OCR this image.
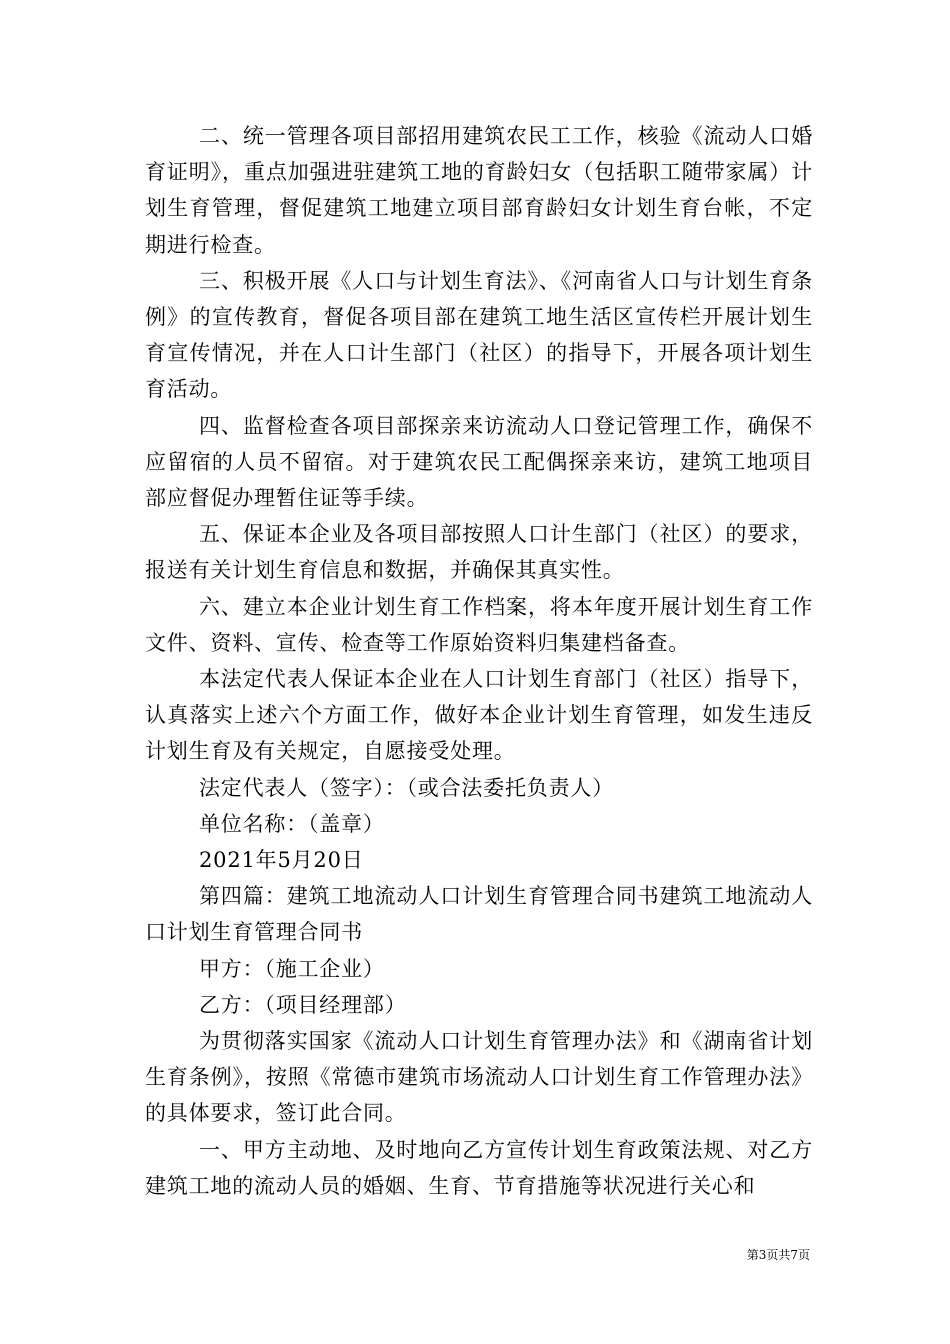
二、统一管理各项目部招用建筑农民工工作，核验《流动人口婚育证明》，重点加强进驻建筑工地的育龄妇女（包括职工随带家属）计划生育管理，督促建筑工地建立项目部育龄妇女计划生育台帐，不定期进行检查。

三、积极开展《人口与计划生育法》、《河南省人口与计划生育条例》的宣传教育，督促各项目部在建筑工地生活区宣传栏开展计划生育宣传情况，并在人口计生部门（社区）的指导下，开展各项计划生育活动。

四、监督检查各项目部探亲来访流动人口登记管理工作，确保不应留宿的人员不留宿。对于建筑农民工配偶探亲来访，建筑工地项目部应督促办理暂住证等手续。

五、保证本企业及各项目部按照人口计生部门（社区）的要求，报送有关计划生育信息和数据，并确保其真实性。

六、建立本企业计划生育工作档案，将本年度开展计划生育工作文件、资料、宣传、检查等工作原始资料归集建档备查。

本法定代表人保证本企业在人口计划生育部门（社区）指导下，认真落实上述六个方面工作，做好本企业计划生育管理，如发生违反计划生育及有关规定，自愿接受处理。

法定代表人（签字）：（或合法委托负责人）

单位名称：（盖章）

2021年5月20日

第四篇：建筑工地流动人口计划生育管理合同书建筑工地流动人口计划生育管理合同书

甲方：（施工企业）

乙方：（项目经理部）

为贯彻落实国家《流动人口计划生育管理办法》和《湖南省计划生育条例》，按照《常德市建筑市场流动人口计划生育工作管理办法》的具体要求，签订此合同。

一、甲方主动地、及时地向乙方宣传计划生育政策法规、对乙方建筑工地的流动人员的婚姻、生育、节育措施等状况进行关心和

第3页共7页
